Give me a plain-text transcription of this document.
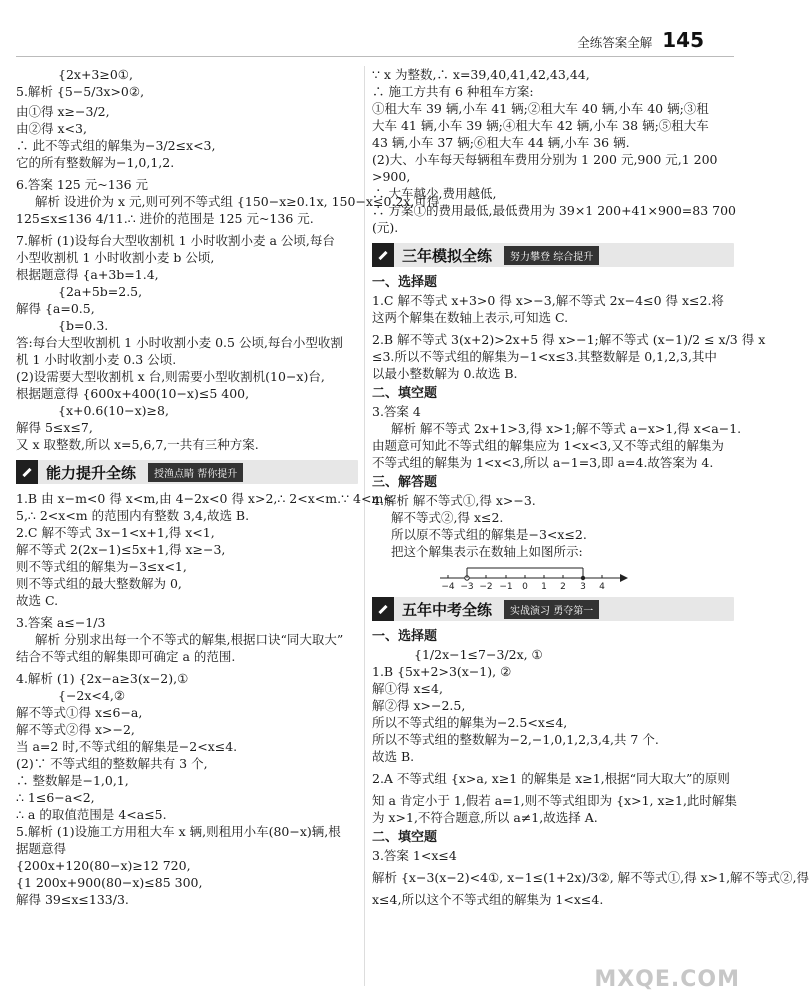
全练答案全解 145
{2x+3≥0①,
5.解析 {5−5/3x>0②,
由①得 x≥−3/2,
由②得 x<3,
∴ 此不等式组的解集为−3/2≤x<3,
它的所有整数解为−1,0,1,2.
6.答案 125 元~136 元
解析 设进价为 x 元,则可列不等式组 {150−x≥0.1x, 150−x≤0.2x,可得
125≤x≤136 4/11.∴ 进价的范围是 125 元~136 元.
7.解析 (1)设每台大型收割机 1 小时收割小麦 a 公顷,每台
小型收割机 1 小时收割小麦 b 公顷,
根据题意得 {a+3b=1.4,
{2a+5b=2.5,
解得 {a=0.5,
{b=0.3.
答:每台大型收割机 1 小时收割小麦 0.5 公顷,每台小型收割
机 1 小时收割小麦 0.3 公顷.
(2)设需要大型收割机 x 台,则需要小型收割机(10−x)台,
根据题意得 {600x+400(10−x)≤5 400,
{x+0.6(10−x)≥8,
解得 5≤x≤7,
又 x 取整数,所以 x=5,6,7,一共有三种方案.
能力提升全练	授渔点睛 帮你提升
1.B 由 x−m<0 得 x<m,由 4−2x<0 得 x>2,∴ 2<x<m.∵ 4<m<
5,∴ 2<x<m 的范围内有整数 3,4,故选 B.
2.C 解不等式 3x−1<x+1,得 x<1,
解不等式 2(2x−1)≤5x+1,得 x≥−3,
则不等式组的解集为−3≤x<1,
则不等式组的最大整数解为 0,
故选 C.
3.答案 a≤−1/3
解析 分别求出每一个不等式的解集,根据口诀“同大取大”
结合不等式组的解集即可确定 a 的范围.
4.解析 (1) {2x−a≥3(x−2),①
{−2x<4,②
解不等式①得 x≤6−a,
解不等式②得 x>−2,
当 a=2 时,不等式组的解集是−2<x≤4.
(2)∵ 不等式组的整数解共有 3 个,
∴ 整数解是−1,0,1,
∴ 1≤6−a<2,
∴ a 的取值范围是 4<a≤5.
5.解析 (1)设施工方用租大车 x 辆,则租用小车(80−x)辆,根
据题意得
{200x+120(80−x)≥12 720,
{1 200x+900(80−x)≤85 300,
解得 39≤x≤133/3.
∵ x 为整数,∴ x=39,40,41,42,43,44,
∴ 施工方共有 6 种租车方案:
①租大车 39 辆,小车 41 辆;②租大车 40 辆,小车 40 辆;③租
大车 41 辆,小车 39 辆;④租大车 42 辆,小车 38 辆;⑤租大车
43 辆,小车 37 辆;⑥租大车 44 辆,小车 36 辆.
(2)大、小车每天每辆租车费用分别为 1 200 元,900 元,1 200
>900,
∴ 大车越少,费用越低,
∴ 方案①的费用最低,最低费用为 39×1 200+41×900=83 700
(元).
三年模拟全练	努力攀登 综合提升
一、选择题
1.C 解不等式 x+3>0 得 x>−3,解不等式 2x−4≤0 得 x≤2.将
这两个解集在数轴上表示,可知选 C.
2.B 解不等式 3(x+2)>2x+5 得 x>−1;解不等式 (x−1)/2 ≤ x/3 得 x
≤3.所以不等式组的解集为−1<x≤3.其整数解是 0,1,2,3,其中
以最小整数解为 0.故选 B.
二、填空题
3.答案 4
解析 解不等式 2x+1>3,得 x>1;解不等式 a−x>1,得 x<a−1.
由题意可知此不等式组的解集应为 1<x<3,又不等式组的解集为
不等式组的解集为 1<x<3,所以 a−1=3,即 a=4.故答案为 4.
三、解答题
4.解析 解不等式①,得 x>−3.
解不等式②,得 x≤2.
所以原不等式组的解集是−3<x≤2.
把这个解集表示在数轴上如图所示:
−4 −3 −2 −1 0 1 2 3 4
五年中考全练	实战演习 勇夺第一
一、选择题
{1/2x−1≤7−3/2x, ①
1.B {5x+2>3(x−1), ②
解①得 x≤4,
解②得 x>−2.5,
所以不等式组的解集为−2.5<x≤4,
所以不等式组的整数解为−2,−1,0,1,2,3,4,共 7 个.
故选 B.
2.A 不等式组 {x>a, x≥1 的解集是 x≥1,根据“同大取大”的原则
知 a 肯定小于 1,假若 a=1,则不等式组即为 {x>1, x≥1,此时解集
为 x>1,不符合题意,所以 a≠1,故选择 A.
二、填空题
3.答案 1<x≤4
解析 {x−3(x−2)<4①, x−1≤(1+2x)/3②, 解不等式①,得 x>1,解不等式②,得
x≤4,所以这个不等式组的解集为 1<x≤4.
MXQE.COM
